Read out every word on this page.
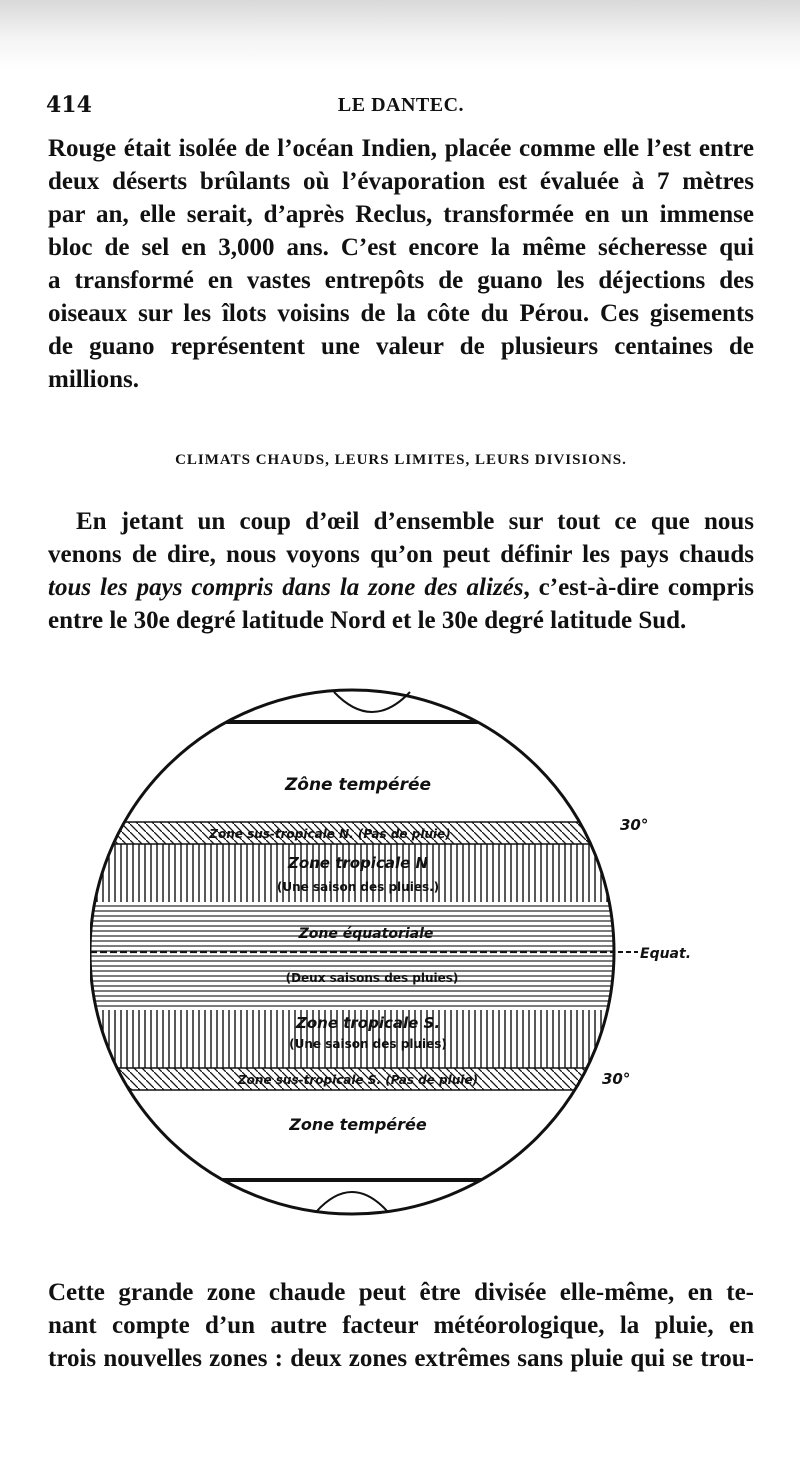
414	LE DANTEC.

Rouge était isolée de l’océan Indien, placée comme elle l’est entre
deux déserts brûlants où l’évaporation est évaluée à 7 mètres
par an, elle serait, d’après Reclus, transformée en un immense
bloc de sel en 3,000 ans. C’est encore la même sécheresse qui
a transformé en vastes entrepôts de guano les déjections des
oiseaux sur les îlots voisins de la côte du Pérou. Ces gisements
de guano représentent une valeur de plusieurs centaines de
millions.

CLIMATS CHAUDS, LEURS LIMITES, LEURS DIVISIONS.

En jetant un coup d’œil d’ensemble sur tout ce que nous
venons de dire, nous voyons qu’on peut définir les pays chauds
tous les pays compris dans la zone des alizés, c’est-à-dire compris
entre le 30e degré latitude Nord et le 30e degré latitude Sud.

Zône tempérée
Zone sus-tropicale N. (Pas de pluie)
Zone tropicale N
(Une saison des pluies.)
Zone équatoriale
(Deux saisons des pluies)
Zone tropicale S.
(Une saison des pluies)
Zone sus-tropicale S. (Pas de pluie)
Zone tempérée
30°
30°
Equat.

Cette grande zone chaude peut être divisée elle-même, en te-
nant compte d’un autre facteur météorologique, la pluie, en
trois nouvelles zones : deux zones extrêmes sans pluie qui se trou-
